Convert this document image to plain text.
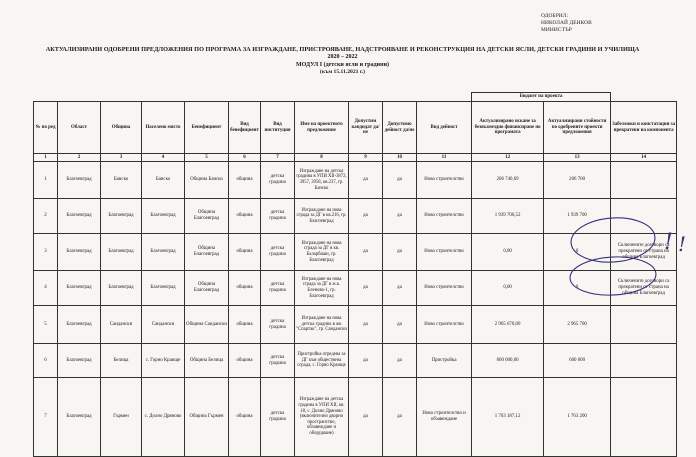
ОДОБРИЛ:
НИКОЛАЙ ДЕНКОВ
МИНИСТЪР
АКТУАЛИЗИРАНИ ОДОБРЕНИ ПРЕДЛОЖЕНИЯ ПО ПРОГРАМА ЗА ИЗГРАЖДАНЕ, ПРИСТРОЯВАНЕ, НАДСТРОЯВАНЕ И РЕКОНСТРУКЦИЯ НА ДЕТСКИ ЯСЛИ, ДЕТСКИ ГРАДИНИ И УЧИЛИЩА
2020 – 2022
МОДУЛ I (детски ясли и градини)
(към 15.11.2021 г.)
											Бюджет на проекта		
№ по ред	Област	Община	Населено място	Бенефициент	Вид бенефициент	Вид институция	Име на проектното предложение	Допустим кандидат да/не	Допустимо дейност да/не	Вид дейност	Актуализирано искане за безвъзмездно финансиране по програмата	Актуализирани стойности по одобрените проекти предложения	Забележки и констатации за прекратени на компонента
1	2	3	4	5	6	7	8	9	10	11	12	13	14
1	Благоевград	Банско	Банско	Община Банско	община	детска градина	Изграждане на детска градина в УПИ XII-3872, 3957, 3958, кв.237, гр. Банско	да	да	Ново строителство	206 740,69	206 700	
2	Благоевград	Благоевград	Благоевград	Община Благоевград	община	детска градина	Изграждане на нова сграда за ДГ в кв.216, гр. Благоевград	да	да	Ново строителство	1 939 700,52	1 939 700	
3	Благоевград	Благоевград	Благоевград	Община Благоевград	община	детска градина	Изграждане на нова сграда за ДГ в кв. Баларбаши, гр. Благоевград	да	да	Ново строителство	0,00	0	Сключените договори са прекратени от страна на община Благоевград
4	Благоевград	Благоевград	Благоевград	Община Благоевград	община	детска градина	Изграждане на нова сграда за ДГ в ж.к. Еленово-1, гр. Благоевград	да	да	Ново строителство	0,00	0	Сключените договори са прекратени от страна на община Благоевград
5	Благоевград	Сандански	Сандански	Община Сандански	община	детска градина	Изграждане на нова детска градина в жк "Спартак", гр. Сандански	да	да	Ново строителство	2 965 670,00	2 965 700	
6	Благоевград	Белица	с. Горно Краище	Община Белица	община	детска градина	Пристройка отредена за ДГ към обществена сграда, с. Горно Краище	да	да	Пристройка	600 000,00	600 000	
7	Благоевград	Гърмен	с. Долно Дряново	Община Гърмен	община	детска градина	Изграждане на детска градина в УПИ XII, кв. 18, с. Долно Дряново (включително дворно пространство, обзавеждане и оборудване)	да	да	Ново строителство и обзавеждане	1 763 187,12	1 763 200	
! !
